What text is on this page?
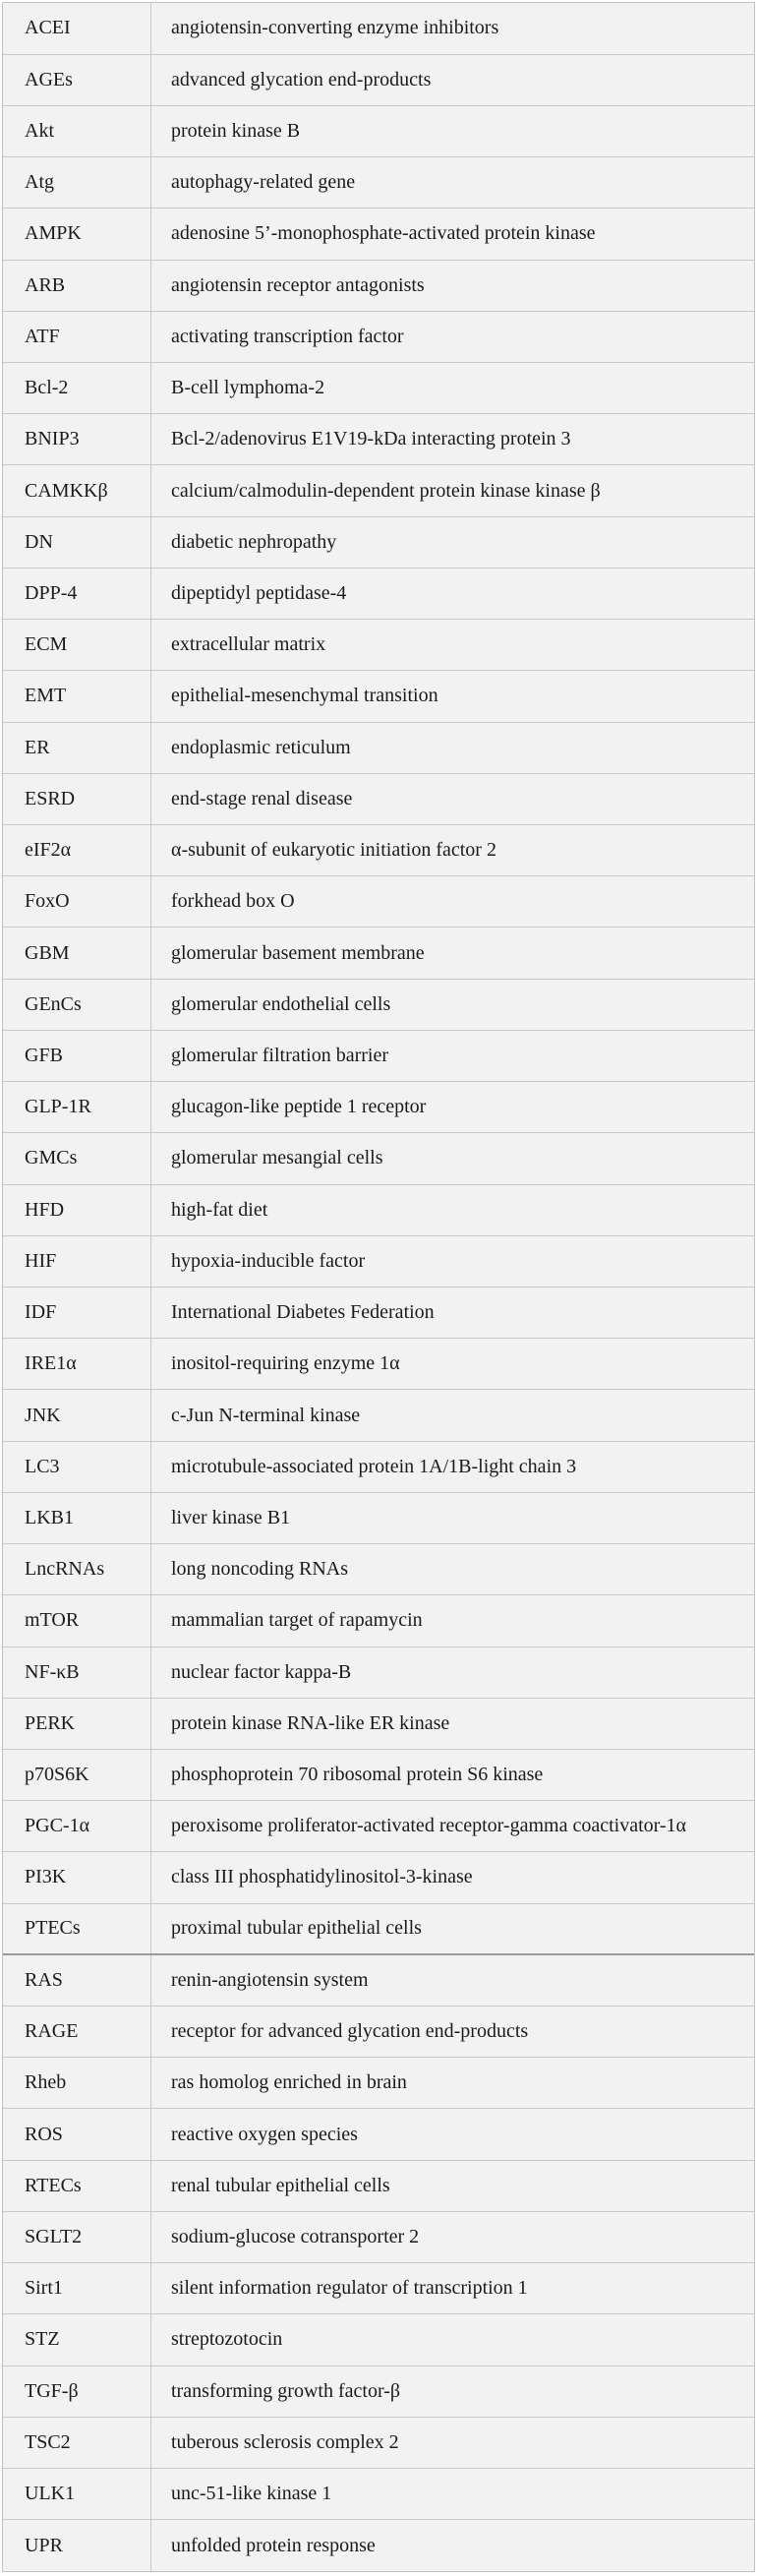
ACEI	angiotensin-converting enzyme inhibitors
AGEs	advanced glycation end-products
Akt	protein kinase B
Atg	autophagy-related gene
AMPK	adenosine 5’-monophosphate-activated protein kinase
ARB	angiotensin receptor antagonists
ATF	activating transcription factor
Bcl-2	B-cell lymphoma-2
BNIP3	Bcl-2/adenovirus E1V19-kDa interacting protein 3
CAMKKβ	calcium/calmodulin-dependent protein kinase kinase β
DN	diabetic nephropathy
DPP-4	dipeptidyl peptidase-4
ECM	extracellular matrix
EMT	epithelial-mesenchymal transition
ER	endoplasmic reticulum
ESRD	end-stage renal disease
eIF2α	α-subunit of eukaryotic initiation factor 2
FoxO	forkhead box O
GBM	glomerular basement membrane
GEnCs	glomerular endothelial cells
GFB	glomerular filtration barrier
GLP-1R	glucagon-like peptide 1 receptor
GMCs	glomerular mesangial cells
HFD	high-fat diet
HIF	hypoxia-inducible factor
IDF	International Diabetes Federation
IRE1α	inositol-requiring enzyme 1α
JNK	c-Jun N-terminal kinase
LC3	microtubule-associated protein 1A/1B-light chain 3
LKB1	liver kinase B1
LncRNAs	long noncoding RNAs
mTOR	mammalian target of rapamycin
NF-κB	nuclear factor kappa-B
PERK	protein kinase RNA-like ER kinase
p70S6K	phosphoprotein 70 ribosomal protein S6 kinase
PGC-1α	peroxisome proliferator-activated receptor-gamma coactivator-1α
PI3K	class III phosphatidylinositol-3-kinase
PTECs	proximal tubular epithelial cells
RAS	renin-angiotensin system
RAGE	receptor for advanced glycation end-products
Rheb	ras homolog enriched in brain
ROS	reactive oxygen species
RTECs	renal tubular epithelial cells
SGLT2	sodium-glucose cotransporter 2
Sirt1	silent information regulator of transcription 1
STZ	streptozotocin
TGF-β	transforming growth factor-β
TSC2	tuberous sclerosis complex 2
ULK1	unc-51-like kinase 1
UPR	unfolded protein response
